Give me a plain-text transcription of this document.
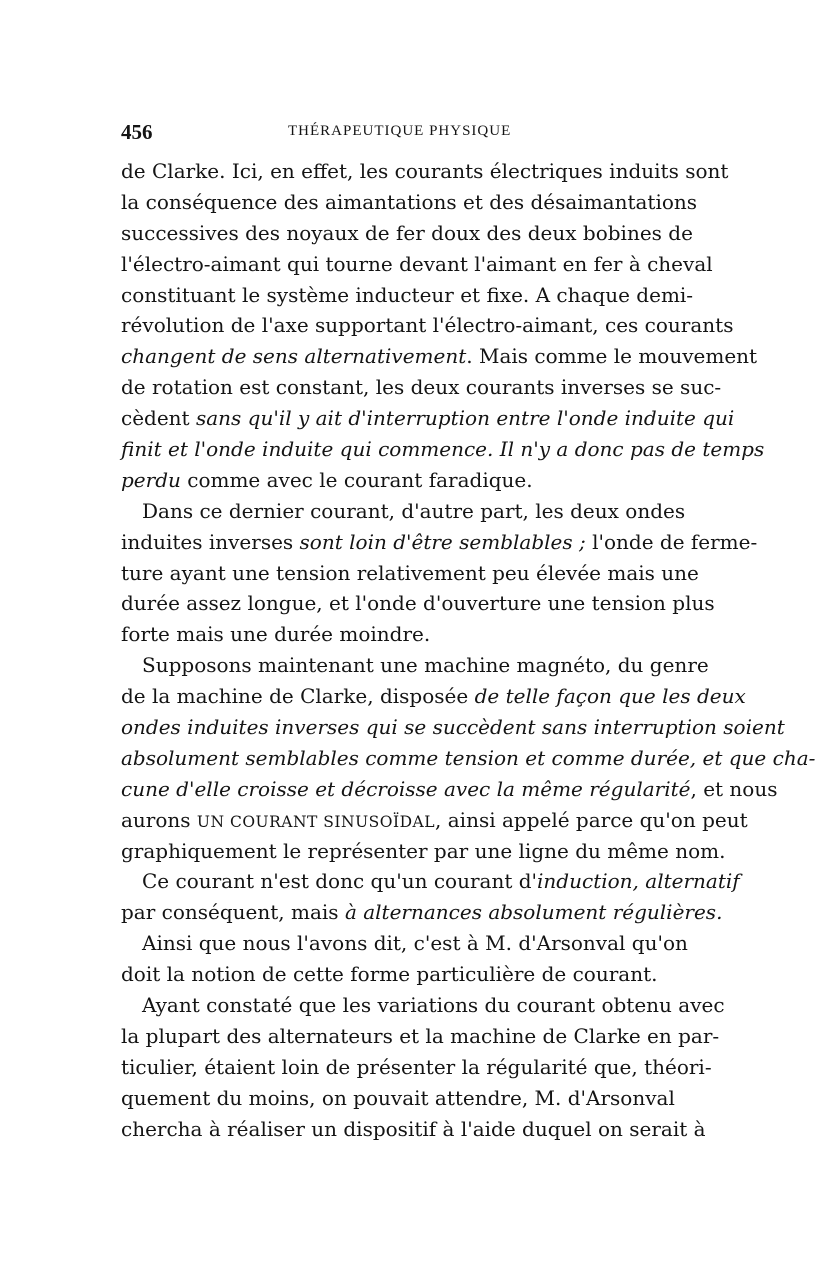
456	THÉRAPEUTIQUE PHYSIQUE
de Clarke. Ici, en effet, les courants électriques induits sont
la conséquence des aimantations et des désaimantations
successives des noyaux de fer doux des deux bobines de
l'électro-aimant qui tourne devant l'aimant en fer à cheval
constituant le système inducteur et fixe. A chaque demi-
révolution de l'axe supportant l'électro-aimant, ces courants
changent de sens alternativement. Mais comme le mouvement
de rotation est constant, les deux courants inverses se suc-
cèdent sans qu'il y ait d'interruption entre l'onde induite qui
finit et l'onde induite qui commence. Il n'y a donc pas de temps
perdu comme avec le courant faradique.
Dans ce dernier courant, d'autre part, les deux ondes
induites inverses sont loin d'être semblables ; l'onde de ferme-
ture ayant une tension relativement peu élevée mais une
durée assez longue, et l'onde d'ouverture une tension plus
forte mais une durée moindre.
Supposons maintenant une machine magnéto, du genre
de la machine de Clarke, disposée de telle façon que les deux
ondes induites inverses qui se succèdent sans interruption soient
absolument semblables comme tension et comme durée, et que cha-
cune d'elle croisse et décroisse avec la même régularité, et nous
aurons UN COURANT SINUSOÏDAL, ainsi appelé parce qu'on peut
graphiquement le représenter par une ligne du même nom.
Ce courant n'est donc qu'un courant d'induction, alternatif
par conséquent, mais à alternances absolument régulières.
Ainsi que nous l'avons dit, c'est à M. d'Arsonval qu'on
doit la notion de cette forme particulière de courant.
Ayant constaté que les variations du courant obtenu avec
la plupart des alternateurs et la machine de Clarke en par-
ticulier, étaient loin de présenter la régularité que, théori-
quement du moins, on pouvait attendre, M. d'Arsonval
chercha à réaliser un dispositif à l'aide duquel on serait à
